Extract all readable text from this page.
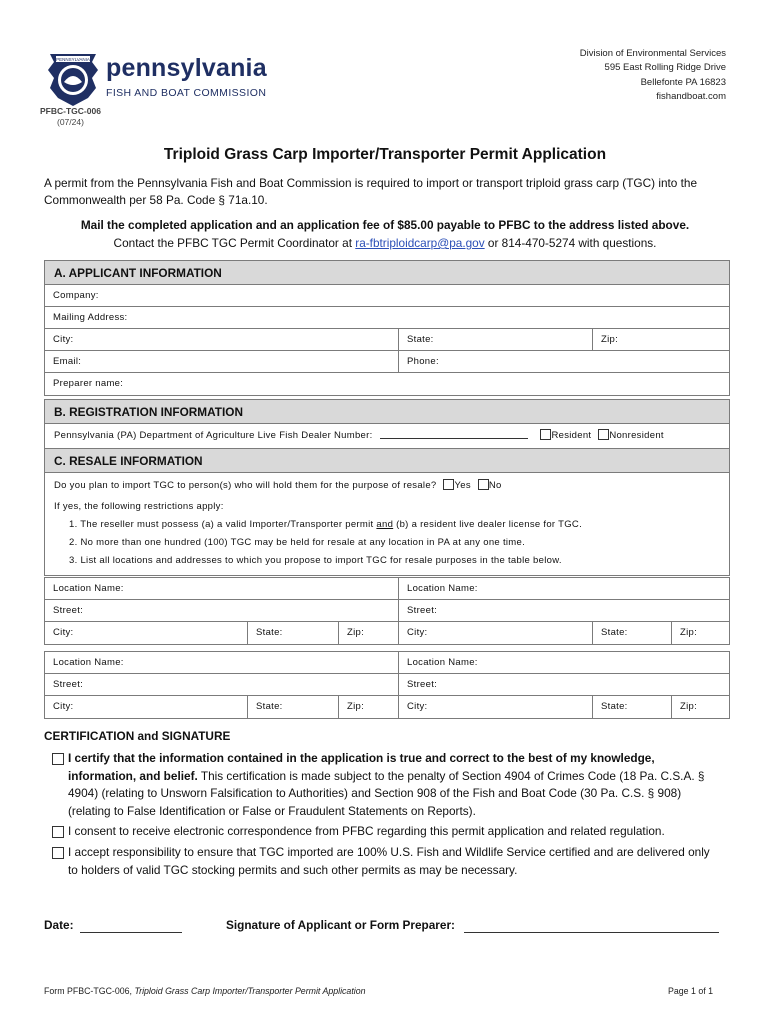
PENNSYLVANIA pennsylvania
FISH AND BOAT COMMISSION
PFBC-TGC-006
(07/24)
Division of Environmental Services
595 East Rolling Ridge Drive
Bellefonte PA 16823
fishandboat.com
Triploid Grass Carp Importer/Transporter Permit Application
A permit from the Pennsylvania Fish and Boat Commission is required to import or transport triploid grass carp (TGC) into the Commonwealth per 58 Pa. Code § 71a.10.
Mail the completed application and an application fee of $85.00 payable to PFBC to the address listed above.
Contact the PFBC TGC Permit Coordinator at ra-fbtriploidcarp@pa.gov or 814-470-5274 with questions.
A. APPLICANT INFORMATION
Company:
Mailing Address:
City:	State:	Zip:
Email:	Phone:
Preparer name:
B. REGISTRATION INFORMATION
Pennsylvania (PA) Department of Agriculture Live Fish Dealer Number:	Resident Nonresident
C. RESALE INFORMATION
Do you plan to import TGC to person(s) who will hold them for the purpose of resale? Yes No
If yes, the following restrictions apply:
1. The reseller must possess (a) a valid Importer/Transporter permit and (b) a resident live dealer license for TGC.
2. No more than one hundred (100) TGC may be held for resale at any location in PA at any one time.
3. List all locations and addresses to which you propose to import TGC for resale purposes in the table below.
Location Name:	Location Name:
Street:	Street:
City:	State:	Zip:	City:	State:	Zip:
Location Name:	Location Name:
Street:	Street:
City:	State:	Zip:	City:	State:	Zip:
CERTIFICATION and SIGNATURE
I certify that the information contained in the application is true and correct to the best of my knowledge, information, and belief. This certification is made subject to the penalty of Section 4904 of Crimes Code (18 Pa. C.S.A. § 4904) (relating to Unsworn Falsification to Authorities) and Section 908 of the Fish and Boat Code (30 Pa. C.S. § 908) (relating to False Identification or False or Fraudulent Statements on Reports).
I consent to receive electronic correspondence from PFBC regarding this permit application and related regulation.
I accept responsibility to ensure that TGC imported are 100% U.S. Fish and Wildlife Service certified and are delivered only to holders of valid TGC stocking permits and such other permits as may be necessary.
Date:	Signature of Applicant or Form Preparer:
Form PFBC-TGC-006, Triploid Grass Carp Importer/Transporter Permit Application	Page 1 of 1
